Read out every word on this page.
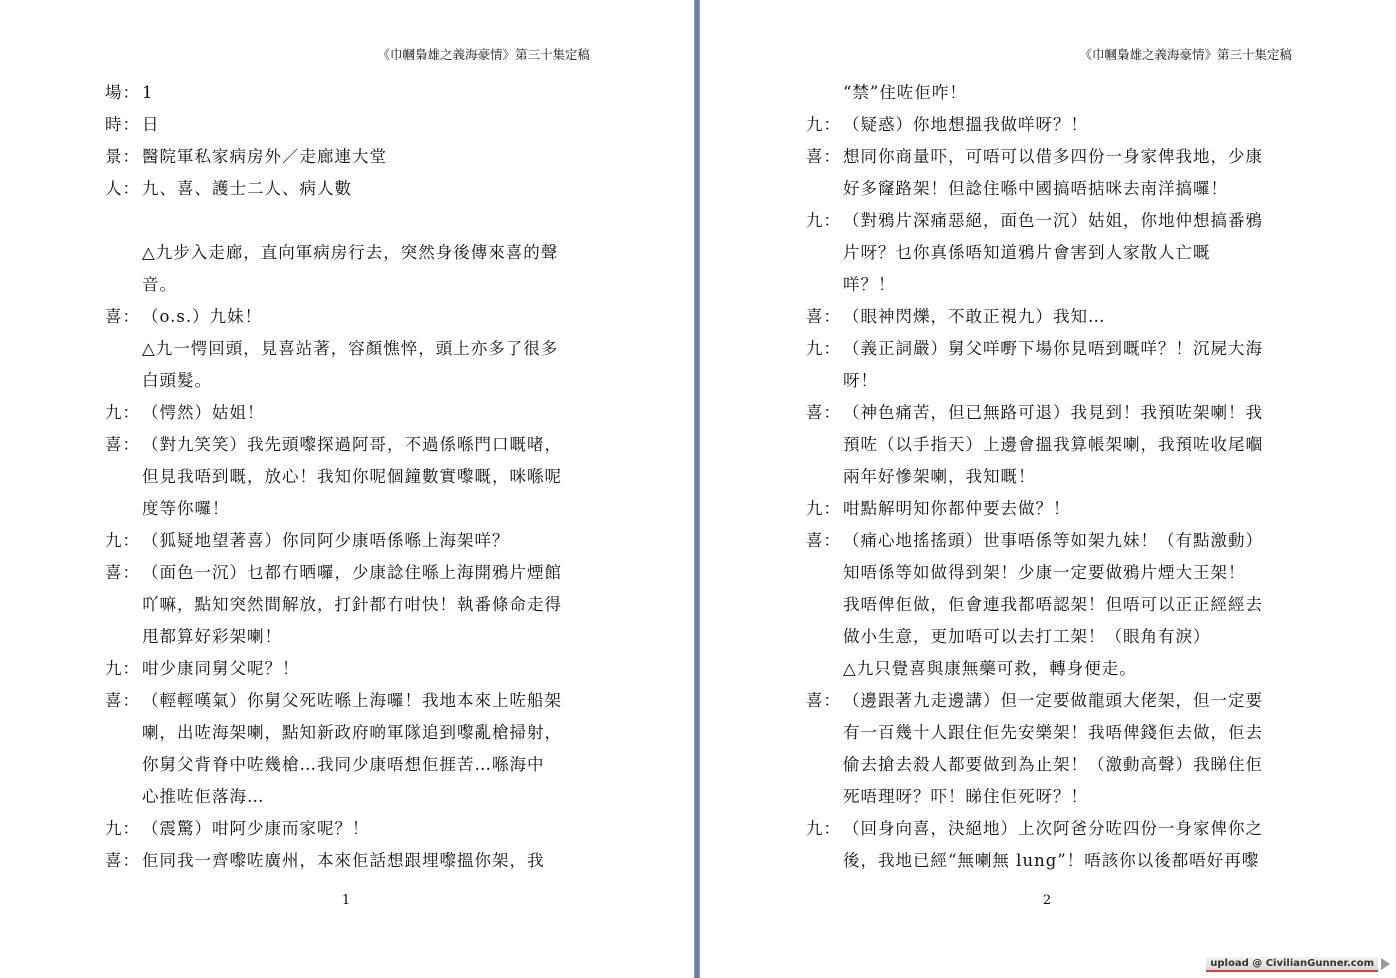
《巾幗梟雄之義海豪情》第三十集定稿
場： 1
時： 日
景： 醫院軍私家病房外／走廊連大堂
人： 九、喜、護士二人、病人數
△九步入走廊，直向軍病房行去，突然身後傳來喜的聲
音。
喜： （o.s.）九妹！
△九一愕回頭，見喜站著，容顏憔悴，頭上亦多了很多
白頭髮。
九： （愕然）姑姐！
喜： （對九笑笑）我先頭嚟探過阿哥，不過係喺門口嘅啫，
但見我唔到嘅，放心！我知你呢個鐘數實嚟嘅，咪喺呢
度等你囉！
九： （狐疑地望著喜）你同阿少康唔係喺上海架咩？
喜： （面色一沉）乜都冇晒囉，少康諗住喺上海開鴉片煙館
吖嘛，點知突然間解放，打針都冇咁快！執番條命走得
甩都算好彩架喇！
九： 咁少康同舅父呢？！
喜： （輕輕嘆氣）你舅父死咗喺上海囉！我地本來上咗船架
喇，出咗海架喇，點知新政府啲軍隊追到嚟亂槍掃射，
你舅父背脊中咗幾槍…我同少康唔想佢捱苦…喺海中
心推咗佢落海…
九： （震驚）咁阿少康而家呢？！
喜： 佢同我一齊嚟咗廣州，本來佢話想跟埋嚟搵你架，我
1
《巾幗梟雄之義海豪情》第三十集定稿
“禁”住咗佢咋！
九： （疑惑）你地想搵我做咩呀？！
喜： 想同你商量吓，可唔可以借多四份一身家俾我地，少康
好多窿路架！但諗住喺中國搞唔掂咪去南洋搞囉！
九： （對鴉片深痛惡絕，面色一沉）姑姐，你地仲想搞番鴉
片呀？乜你真係唔知道鴉片會害到人家散人亡嘅
咩？！
喜： （眼神閃爍，不敢正視九）我知…
九： （義正詞嚴）舅父咩嘢下場你見唔到嘅咩？！沉屍大海
呀！
喜： （神色痛苦，但已無路可退）我見到！我預咗架喇！我
預咗（以手指天）上邊會搵我算帳架喇，我預咗收尾嗰
兩年好慘架喇，我知嘅！
九： 咁點解明知你都仲要去做？！
喜： （痛心地搖搖頭）世事唔係等如架九妹！（有點激動）
知唔係等如做得到架！少康一定要做鴉片煙大王架！
我唔俾佢做，佢會連我都唔認架！但唔可以正正經經去
做小生意，更加唔可以去打工架！（眼角有淚）
△九只覺喜與康無藥可救，轉身便走。
喜： （邊跟著九走邊講）但一定要做龍頭大佬架，但一定要
有一百幾十人跟住佢先安樂架！我唔俾錢佢去做，佢去
偷去搶去殺人都要做到為止架！（激動高聲）我睇住佢
死唔理呀？吓！睇住佢死呀？！
九： （回身向喜，決絕地）上次阿爸分咗四份一身家俾你之
後，我地已經“無喇無 lung”！唔該你以後都唔好再嚟
2
upload @ CivilianGunner.com
